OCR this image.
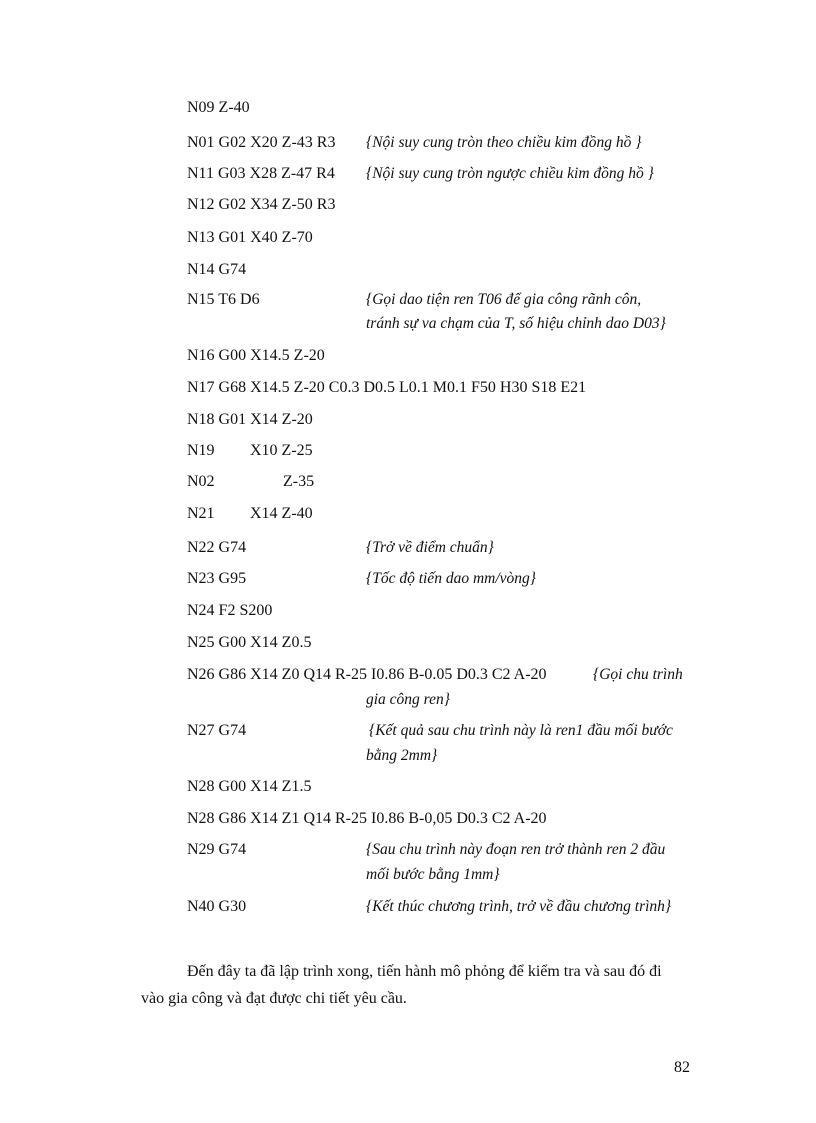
N09 Z-40
N01 G02 X20 Z-43 R3 {Nội suy cung tròn theo chiều kim đồng hồ }
N11 G03 X28 Z-47 R4 {Nội suy cung tròn ngược chiều kim đồng hồ }
N12 G02 X34 Z-50 R3
N13 G01 X40 Z-70
N14 G74
N15 T6 D6	{Gọi dao tiện ren T06 để gia công rãnh côn,
tránh sự va chạm của T, số hiệu chỉnh dao D03}
N16 G00 X14.5 Z-20
N17 G68 X14.5 Z-20 C0.3 D0.5 L0.1 M0.1 F50 H30 S18 E21
N18 G01 X14 Z-20
N19 X10 Z-25
N02	Z-35
N21 X14 Z-40
N22 G74	{Trở về điểm chuẩn}
N23 G95	{Tốc độ tiến dao mm/vòng}
N24 F2 S200
N25 G00 X14 Z0.5
N26 G86 X14 Z0 Q14 R-25 I0.86 B-0.05 D0.3 C2 A-20	{Gọi chu trình
gia công ren}
N27 G74	{Kết quả sau chu trình này là ren1 đầu mối bước
bằng 2mm}
N28 G00 X14 Z1.5
N28 G86 X14 Z1 Q14 R-25 I0.86 B-0,05 D0.3 C2 A-20
N29 G74	{Sau chu trình này đoạn ren trở thành ren 2 đầu
mối bước bằng 1mm}
N40 G30	{Kết thúc chương trình, trở về đầu chương trình}
Đến đây ta đã lập trình xong, tiến hành mô phỏng để kiểm tra và sau đó đi
vào gia công và đạt được chi tiết yêu cầu.
82
